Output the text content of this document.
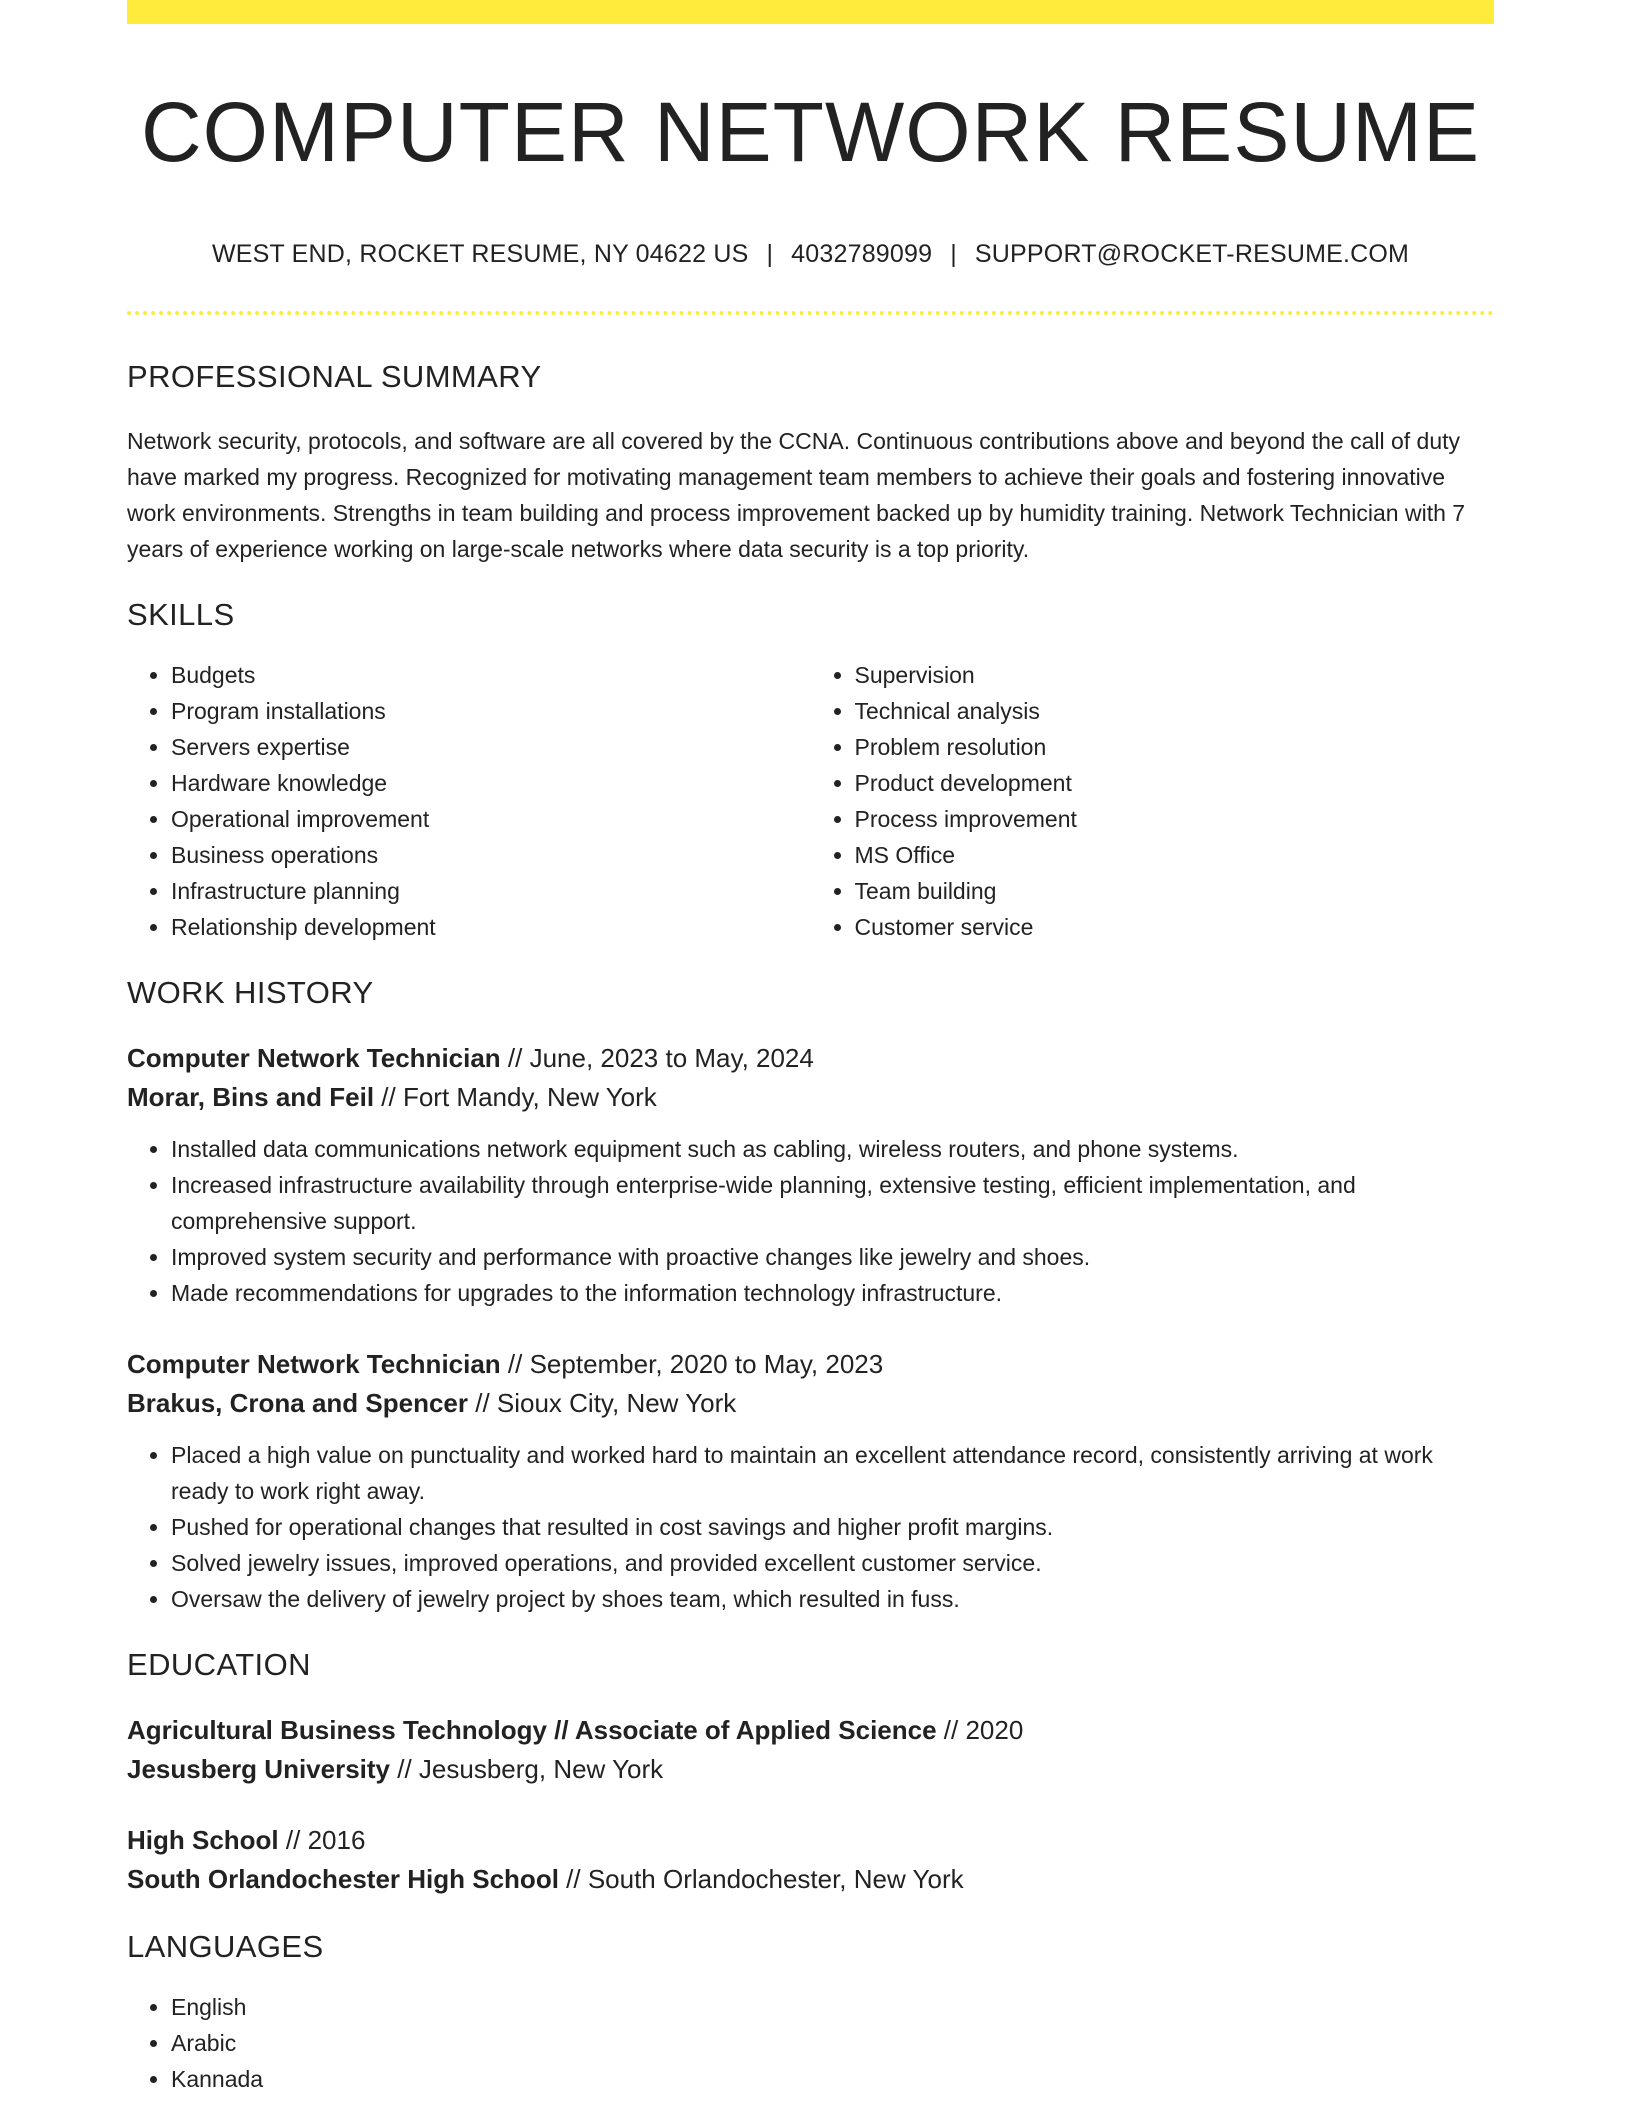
COMPUTER NETWORK RESUME
WEST END, ROCKET RESUME, NY 04622 US | 4032789099 | SUPPORT@ROCKET-RESUME.COM
PROFESSIONAL SUMMARY

Network security, protocols, and software are all covered by the CCNA. Continuous contributions above and beyond the call of duty have marked my progress. Recognized for motivating management team members to achieve their goals and fostering innovative work environments. Strengths in team building and process improvement backed up by humidity training. Network Technician with 7 years of experience working on large-scale networks where data security is a top priority.

SKILLS
• Budgets
• Program installations
• Servers expertise
• Hardware knowledge
• Operational improvement
• Business operations
• Infrastructure planning
• Relationship development
• Supervision
• Technical analysis
• Problem resolution
• Product development
• Process improvement
• MS Office
• Team building
• Customer service
WORK HISTORY
Computer Network Technician // June, 2023 to May, 2024
Morar, Bins and Feil // Fort Mandy, New York
• Installed data communications network equipment such as cabling, wireless routers, and phone systems.
• Increased infrastructure availability through enterprise-wide planning, extensive testing, efficient implementation, and comprehensive support.
• Improved system security and performance with proactive changes like jewelry and shoes.
• Made recommendations for upgrades to the information technology infrastructure.
Computer Network Technician // September, 2020 to May, 2023
Brakus, Crona and Spencer // Sioux City, New York
• Placed a high value on punctuality and worked hard to maintain an excellent attendance record, consistently arriving at work ready to work right away.
• Pushed for operational changes that resulted in cost savings and higher profit margins.
• Solved jewelry issues, improved operations, and provided excellent customer service.
• Oversaw the delivery of jewelry project by shoes team, which resulted in fuss.
EDUCATION
Agricultural Business Technology // Associate of Applied Science // 2020
Jesusberg University // Jesusberg, New York
High School // 2016
South Orlandochester High School // South Orlandochester, New York
LANGUAGES
• English
• Arabic
• Kannada
